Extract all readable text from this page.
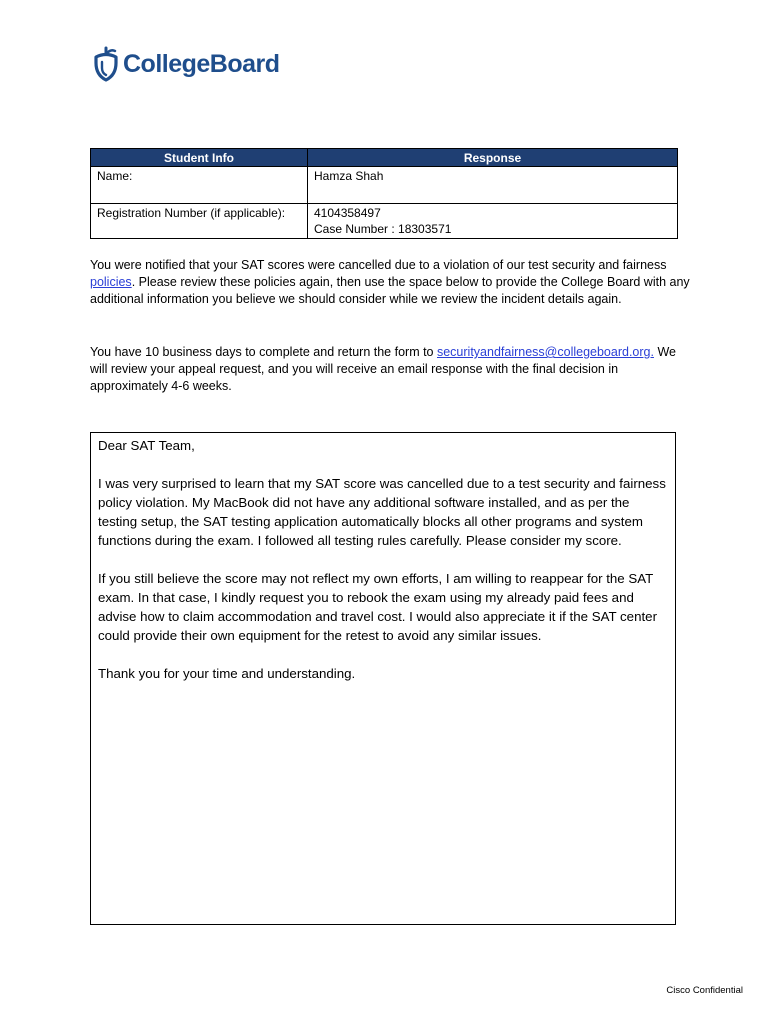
CollegeBoard
Student Info	Response
Name:	Hamza Shah

Registration Number (if applicable):	4104358497
Case Number : 18303571

You were notified that your SAT scores were cancelled due to a violation of our test security and fairness policies. Please review these policies again, then use the space below to provide the College Board with any additional information you believe we should consider while we review the incident details again.

You have 10 business days to complete and return the form to securityandfairness@collegeboard.org. We will review your appeal request, and you will receive an email response with the final decision in approximately 4-6 weeks.

Dear SAT Team,

I was very surprised to learn that my SAT score was cancelled due to a test security and fairness policy violation. My MacBook did not have any additional software installed, and as per the testing setup, the SAT testing application automatically blocks all other programs and system functions during the exam. I followed all testing rules carefully. Please consider my score.

If you still believe the score may not reflect my own efforts, I am willing to reappear for the SAT exam. In that case, I kindly request you to rebook the exam using my already paid fees and advise how to claim accommodation and travel cost. I would also appreciate it if the SAT center could provide their own equipment for the retest to avoid any similar issues.

Thank you for your time and understanding.

Cisco Confidential
